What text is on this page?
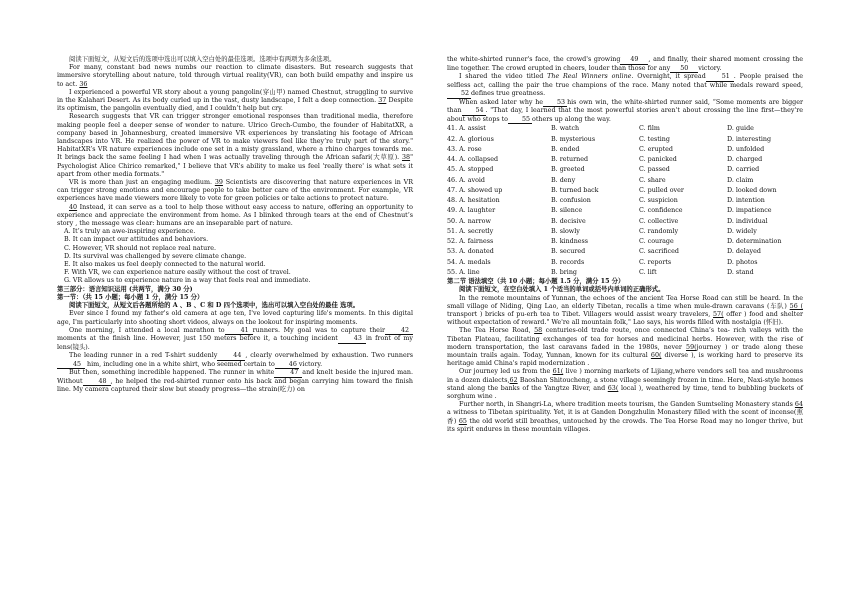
阅读下面短文，从短文后的选项中选出可以填入空白处的最佳选项。选项中有两项为多余选项。

For many, constant bad news numbs our reaction to climate disasters. But research suggests that immersive storytelling about nature, told through virtual reality(VR), can both build empathy and inspire us to act. 36

I experienced a powerful VR story about a young pangolin(穿山甲) named Chestnut, struggling to survive in the Kalahari Desert. As its body curled up in the vast, dusty landscape, I felt a deep connection. 37 Despite its optimism, the pangolin eventually died, and I couldn’t help but cry.

Research suggests that VR can trigger stronger emotional responses than traditional media, therefore making people feel a deeper sense of wonder to nature. Ulrico Grech-Cumbo, the founder of HabitatXR, a company based in Johannesburg, created immersive VR experiences by translating his footage of African landscapes into VR. He realized the power of VR to make viewers feel like they’re truly part of the story." HabitatXR’s VR nature experiences include one set in a misty grassland, where a rhino charges towards me. It brings back the same feeling I had when I was actually traveling through the African safari(大草原). 38" Psychologist Alice Chirico remarked," I believe that VR’s ability to make us feel 'really there' is what sets it apart from other media formats."

VR is more than just an engaging medium. 39 Scientists are discovering that nature experiences in VR can trigger strong emotions and encourage people to take better care of the environment. For example, VR experiences have made viewers more likely to vote for green policies or take actions to protect nature.

40 Instead, it can serve as a tool to help those without easy access to nature, offering an opportunity to experience and appreciate the environment from home. As I blinked through tears at the end of Chestnut’s story , the message was clear: humans are an inseparable part of nature.

A. It’s truly an awe-inspiring experience.

B. It can impact our attitudes and behaviors.

C. However, VR should not replace real nature.

D. Its survival was challenged by severe climate change.

E. It also makes us feel deeply connected to the natural world.

F. With VR, we can experience nature easily without the cost of travel.

G. VR allows us to experience nature in a way that feels real and immediate.

第三部分：语言知识运用 (共两节，满分 30 分)

第一节：（共 15 小题；每小题 1 分，满分 15 分）

阅读下面短文，从短文后各题所给的 A 、B 、C 和 D 四个选项中，选出可以填入空白处的最佳 选项。

Ever since I found my father's old camera at age ten, I've loved capturing life's moments. In this digital age, I'm particularly into shooting short videos, always on the lookout for inspiring moments.

One morning, I attended a local marathon to	41 runners. My goal was to capture their	42 moments at the finish line. However, just 150 meters before it, a touching incident	43 in front of my lens(镜头).

The leading runner in a red T-shirt suddenly	44 , clearly overwhelmed by exhaustion. Two runners45 him, including one in a white shirt, who seemed certain to 46 victory.

But then, something incredible happened. The runner in white	47 and knelt beside the injured man. Without	48 , he helped the red-shirted runner onto his back and began carrying him toward the finish line. My camera captured their slow but steady progress—the strain(吃力) on

the white-shirted runner's face, the crowd's growing 49 , and finally, their shared moment crossing the line together. The crowd erupted in cheers, louder than those for any 50 victory.

I shared the video titled The Real Winners online. Overnight, it spread	51 . People praised the selfless act, calling the pair the true champions of the race. Many noted that while medals reward speed, 52 defines true greatness.

When asked later why he 53 his own win, the white-shirted runner said, “Some moments are bigger than 54 . "That day, I learned that the most powerful stories aren't about crossing the line first—they're about who stops to 55 others up along the way.

41. A. assist	B. watch	C. film	D. guide
42. A. glorious	B. mysterious	C. testing	D. interesting
43. A. rose	B. ended	C. erupted	D. unfolded
44. A. collapsed	B. returned	C. panicked	D. charged
45. A. stopped	B. greeted	C. passed	D. carried
46. A. avoid	B. deny	C. share	D. claim
47. A. showed up	B. turned back	C. pulled over	D. looked down
48. A. hesitation	B. confusion	C. suspicion	D. intention
49. A. laughter	B. silence	C. confidence	D. impatience
50. A. narrow	B. decisive	C. collective	D. individual
51. A. secretly	B. slowly	C. randomly	D. widely
52. A. fairness	B. kindness	C. courage	D. determination
53. A. donated	B. secured	C. sacrificed	D. delayed
54. A. medals	B. records	C. reports	D. photos
55. A. line	B. bring	C. lift	D. stand

第二节 语法填空（共 10 小题；每小题 1.5 分，满分 15 分）

阅读下面短文，在空白处填入 1 个适当的单词或括号内单词的正确形式。

In the remote mountains of Yunnan, the echoes of the ancient Tea Horse Road can still be heard. In the small village of Niding, Qing Lao, an elderly Tibetan, recalls a time when mule-drawn caravans (车队) 56 ( transport ) bricks of pu-erh tea to Tibet. Villagers would assist weary travelers, 57( offer ) food and shelter without expectation of reward." We're all mountain folk," Lao says, his words filled with nostalgia (怀旧).

The Tea Horse Road, 58 centuries-old trade route, once connected China’s tea- rich valleys with the Tibetan Plateau, facilitating exchanges of tea for horses and medicinal herbs. However, with the rise of modern transportation, the last caravans faded in the 1980s, never 59(journey ) or trade along these mountain trails again. Today, Yunnan, known for its cultural 60( diverse ), is working hard to preserve its heritage amid China's rapid modernization .

Our journey led us from the 61( live ) morning markets of Lijiang,where vendors sell tea and mushrooms in a dozen dialects,62 Baoshan Shitoucheng, a stone village seemingly frozen in time. Here, Naxi-style homes stand along the banks of the Yangtze River, and 63( local ), weathered by time, tend to bubbling buckets of sorghum wine .

Further north, in Shangri-La, where tradition meets tourism, the Ganden Sumtseling Monastery stands 64 a witness to Tibetan spirituality. Yet, it is at Ganden Dongzhulin Monastery filled with the scent of incense(熏香) 65 the old world still breathes, untouched by the crowds. The Tea Horse Road may no longer thrive, but its spirit endures in these mountain villages.
